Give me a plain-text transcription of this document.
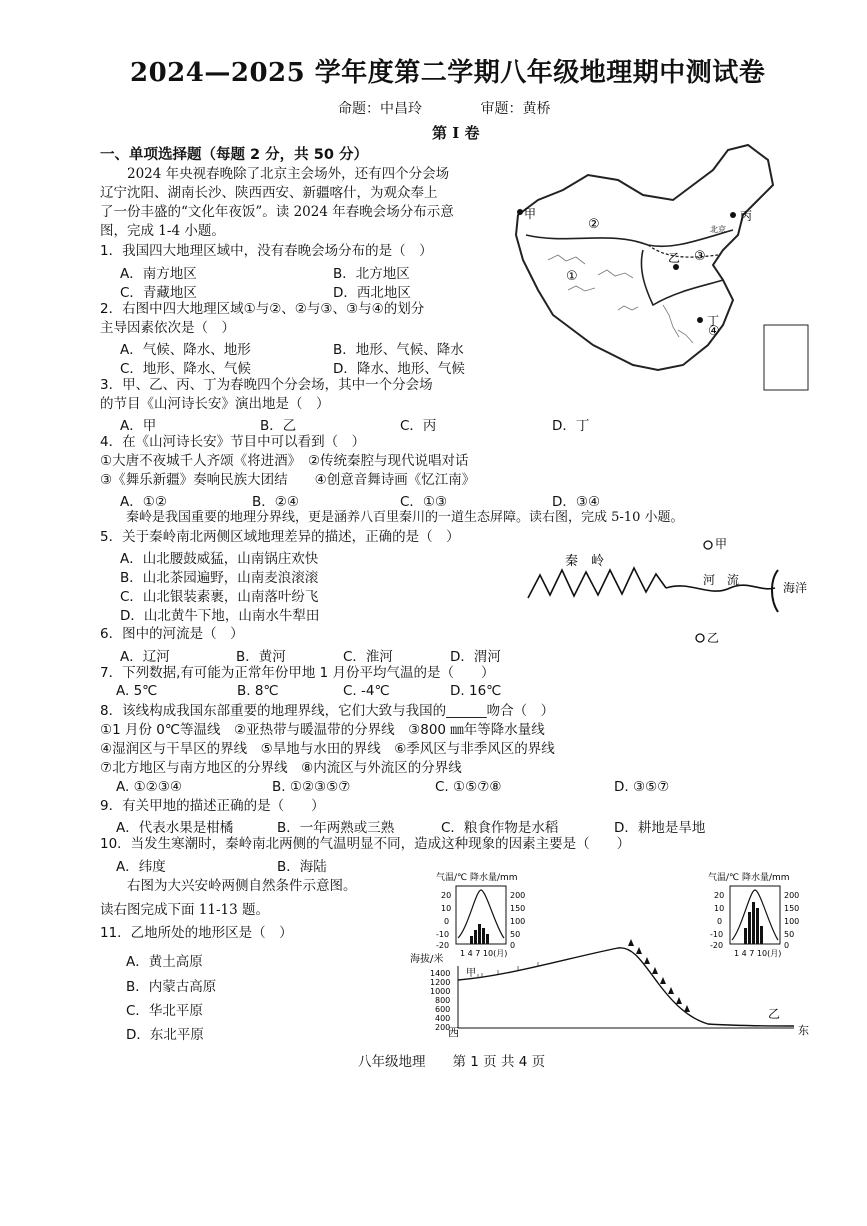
2024—2025 学年度第二学期八年级地理期中测试卷
命题：中昌玲	审题：黄桥
第 I 卷
一、单项选择题（每题 2 分，共 50 分）
　　2024 年央视春晚除了北京主会场外，还有四个分会场
辽宁沈阳、湖南长沙、陕西西安、新疆喀什，为观众奉上
了一份丰盛的“文化年夜饭”。读 2024 年春晚会场分布示意
图，完成 1-4 小题。
1．我国四大地理区域中，没有春晚会场分布的是（　）
A．南方地区	B．北方地区
C．青藏地区	D．西北地区
2．右图中四大地理区域①与②、②与③、③与④的划分
主导因素依次是（　）
A．气候、降水、地形	B．地形、气候、降水
C．地形、降水、气候	D．降水、地形、气候
3．甲、乙、丙、丁为春晚四个分会场，其中一个分会场
的节目《山河诗长安》演出地是（　）
A．甲	B．乙	C．丙	D．丁
4．在《山河诗长安》节目中可以看到（　）
①大唐不夜城千人齐颂《将进酒》　②传统秦腔与现代说唱对话
③《舞乐新疆》奏响民族大团结　　④创意音舞诗画《忆江南》
A．①②	B．②④	C．①③	D．③④
　　秦岭是我国重要的地理分界线，更是涵养八百里秦川的一道生态屏障。读右图，完成 5-10 小题。
5．关于秦岭南北两侧区域地理差异的描述，正确的是（　）
A．山北腰鼓威猛，山南锅庄欢快
B．山北茶园遍野，山南麦浪滚滚
C．山北银装素裹，山南落叶纷飞
D．山北黄牛下地，山南水牛犁田
6．图中的河流是（　）
A．辽河	B．黄河	C．淮河	D．渭河
7．下列数据,有可能为正常年份甲地 1 月份平均气温的是（　　）
A. 5℃	B. 8℃	C. -4℃	D. 16℃
8．该线构成我国东部重要的地理界线，它们大致与我国的______吻合（　）
①1 月份 0℃等温线　②亚热带与暖温带的分界线　③800 ㎜年等降水量线
④湿润区与干旱区的界线　⑤旱地与水田的界线　⑥季风区与非季风区的界线
⑦北方地区与南方地区的分界线　⑧内流区与外流区的分界线
A. ①②③④	B. ①②③⑤⑦	C. ①⑤⑦⑧	D. ③⑤⑦
9．有关甲地的描述正确的是（　　）
A．代表水果是柑橘	B．一年两熟或三熟	C．粮食作物是水稻	D．耕地是旱地
10．当发生寒潮时，秦岭南北两侧的气温明显不同，造成这种现象的因素主要是（　　）
A．纬度	B．海陆
　　右图为大兴安岭两侧自然条件示意图。
读右图完成下面 11-13 题。
11．乙地所处的地形区是（　）
A．黄土高原
B．内蒙古高原
C．华北平原
D．东北平原
甲
乙
丙
丁
①
②
③
④
北京
甲
秦　岭
河　流
海洋
乙
气温/℃ 降水量/mm
20
10
0
-10
-20
200
150
100
50
0
1 4 7 10(月)
气温/℃ 降水量/mm
20
10
0
-10
-20
200
150
100
50
0
1 4 7 10(月)
海拔/米
1400
1200
1000
800
600
400
200
甲
乙
西	东
八年级地理　　第 1 页 共 4 页
